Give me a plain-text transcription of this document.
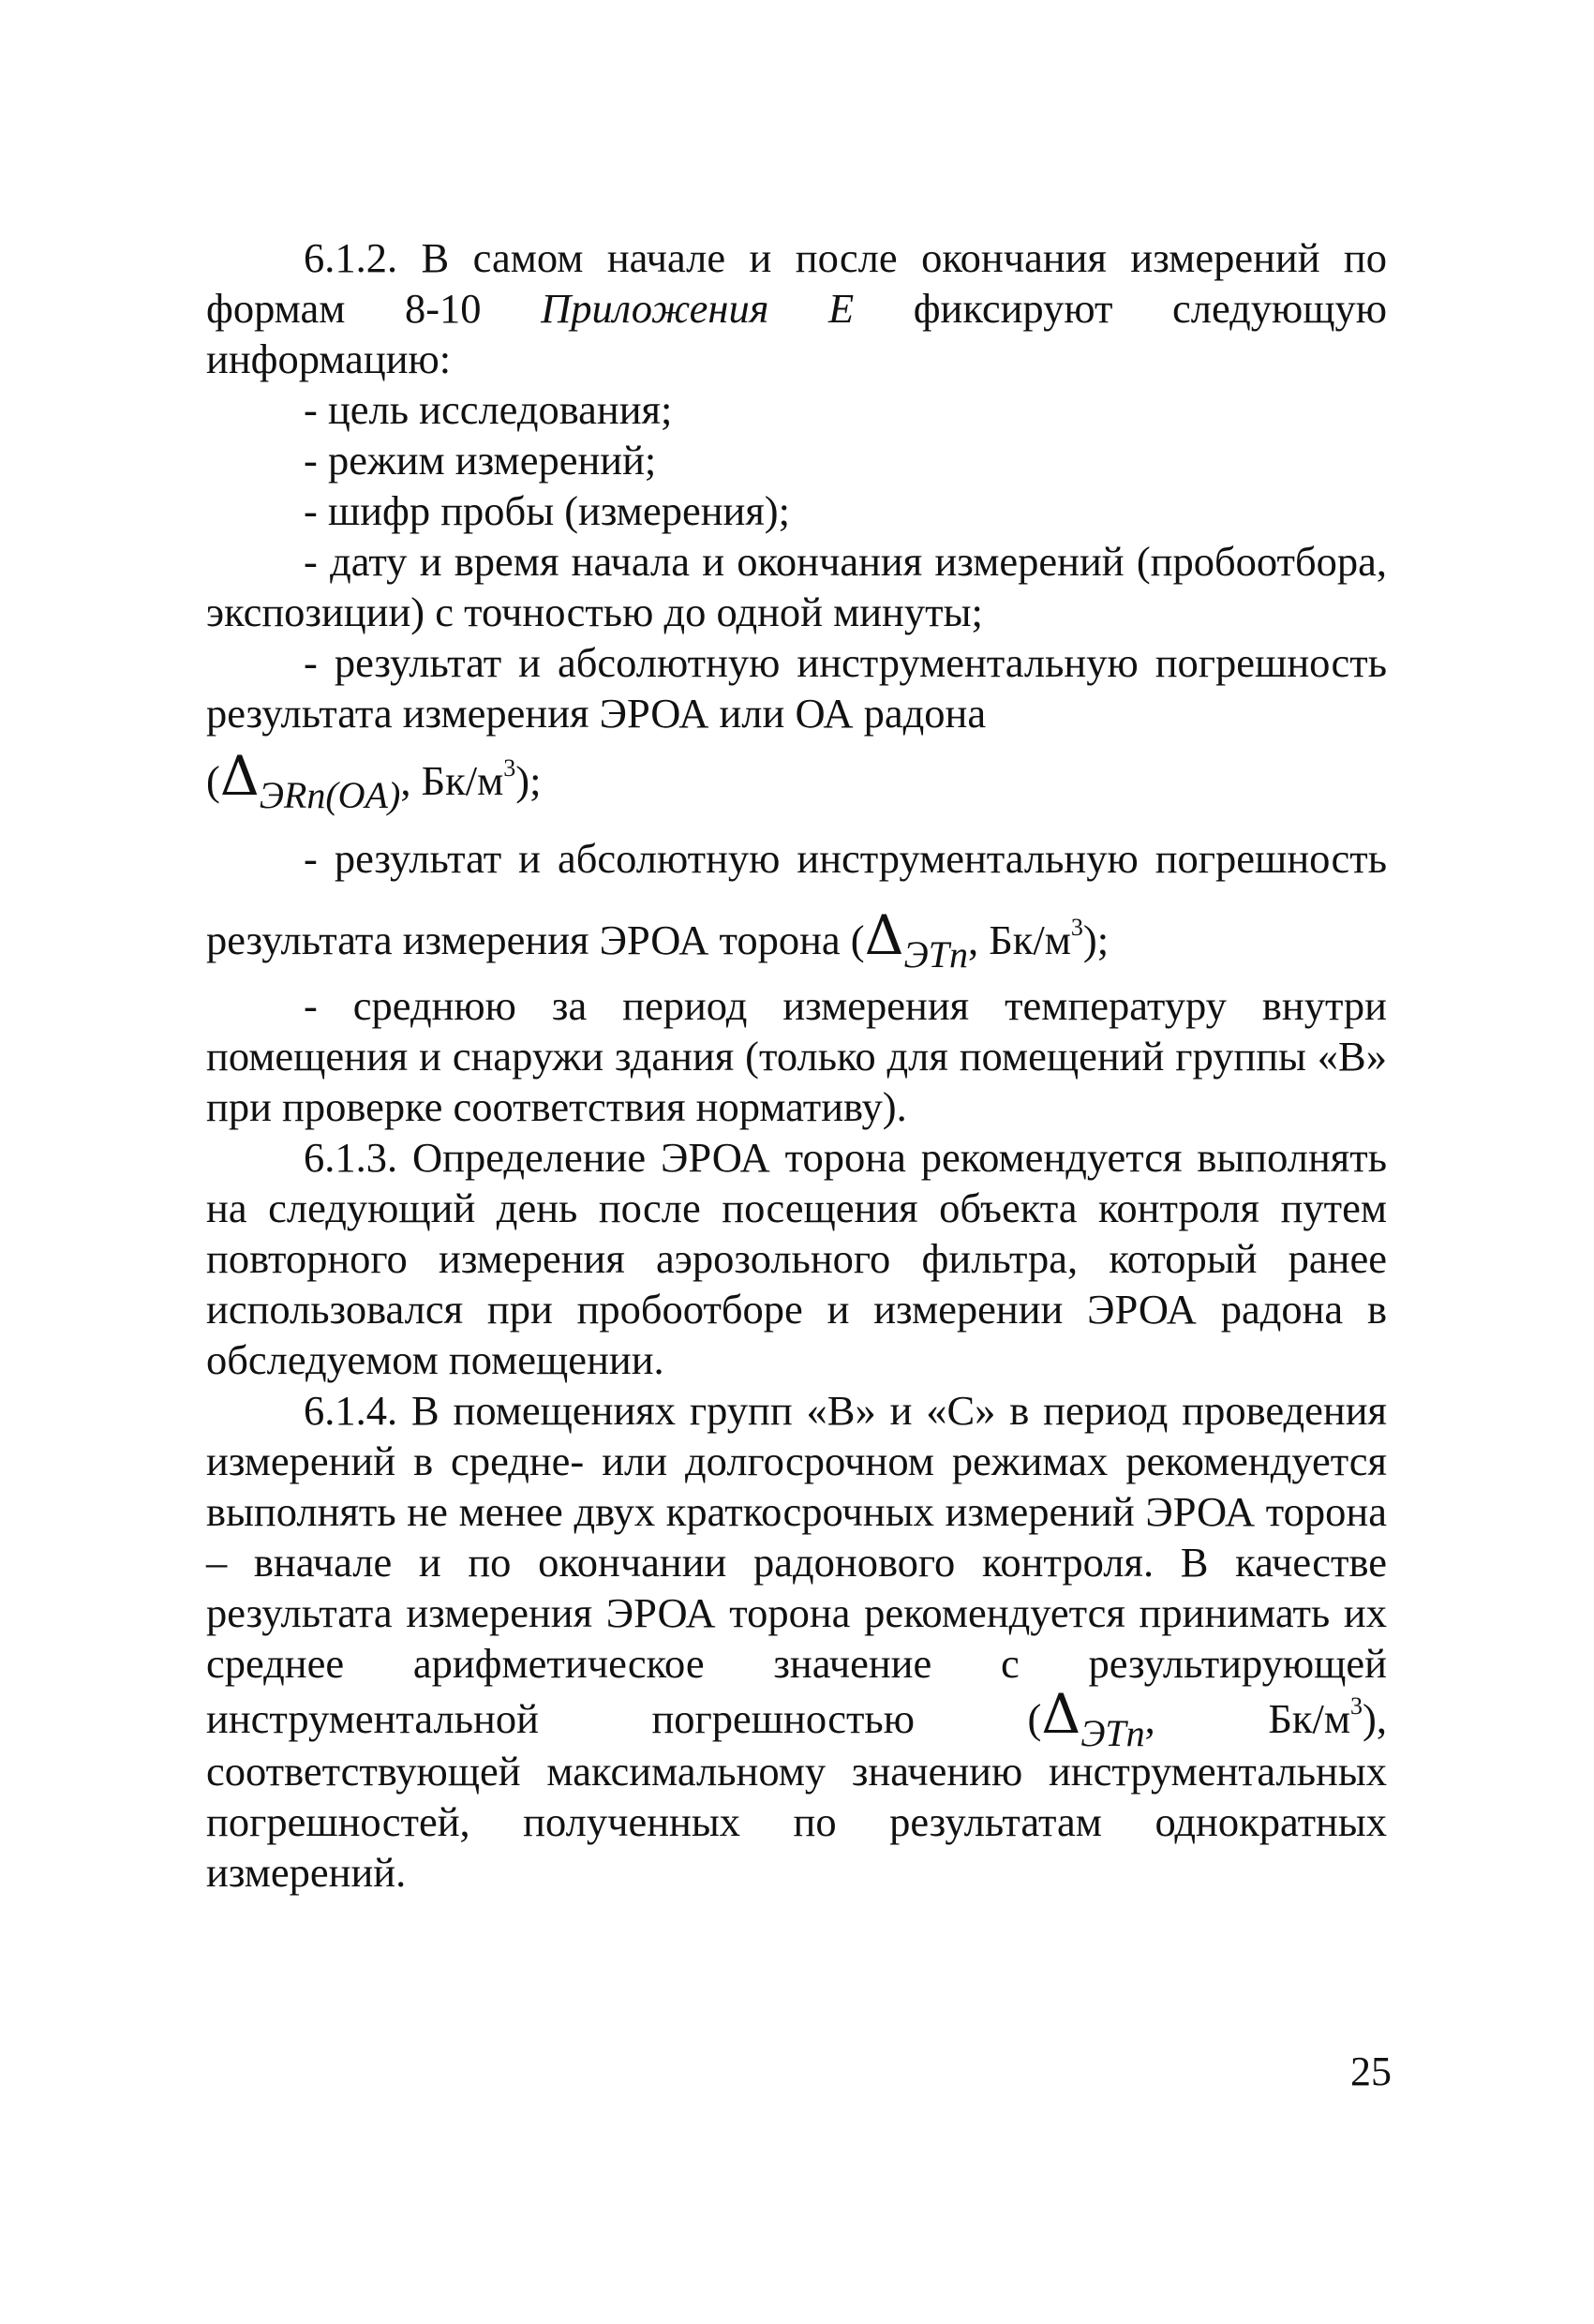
6.1.2. В самом начале и после окончания измерений по формам 8-10 Приложения Е фиксируют следующую информацию:

- цель исследования;

- режим измерений;

- шифр пробы (измерения);

- дату и время начала и окончания измерений (пробоотбора, экспозиции) с точностью до одной минуты;

- результат и абсолютную инструментальную погрешность результата измерения ЭРОА или ОА радона

(ΔЭRn(OA), $Бк/м^3$);

- результат и абсолютную инструментальную погрешность результата измерения ЭРОА торона (ΔЭTn, $Бк/м^3$);

- среднюю за период измерения температуру внутри помещения и снаружи здания (только для помещений группы «В» при проверке соответствия нормативу).

6.1.3. Определение ЭРОА торона рекомендуется выполнять на следующий день после посещения объекта контроля путем повторного измерения аэрозольного фильтра, который ранее использовался при пробоотборе и измерении ЭРОА радона в обследуемом помещении.

6.1.4. В помещениях групп «В» и «С» в период проведения измерений в средне- или долгосрочном режимах рекомендуется выполнять не менее двух краткосрочных измерений ЭРОА торона – вначале и по окончании радонового контроля. В качестве результата измерения ЭРОА торона рекомендуется принимать их среднее арифметическое значение с результирующей инструментальной погрешностью (ΔЭTn, $Бк/м^3$), соответствующей максимальному значению инструментальных погрешностей, полученных по результатам однократных измерений.

25
